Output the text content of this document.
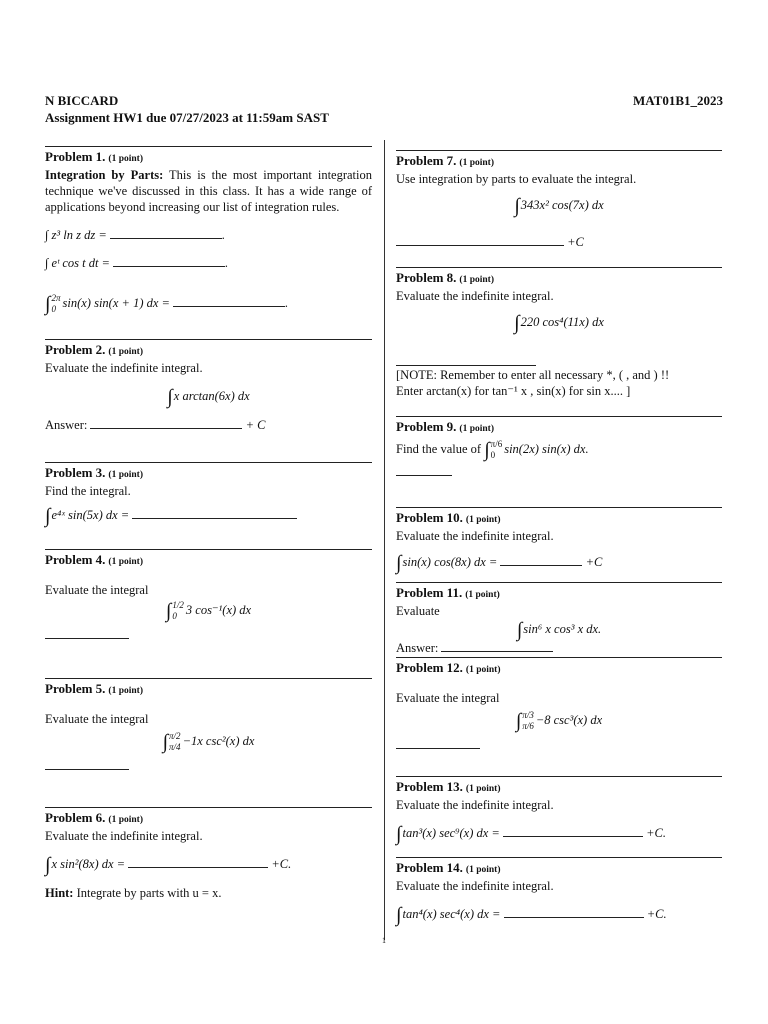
N BICCARD
Assignment HW1 due 07/27/2023 at 11:59am SAST
MAT01B1_2023
Problem 1. (1 point)
Integration by Parts: This is the most important integration technique we've discussed in this class. It has a wide range of applications beyond increasing our list of integration rules.
∫ z³ ln z dz =	.
∫ eᵗ cos t dt =	.
∫2π
0 sin(x) sin(x + 1) dx =	.
Problem 2. (1 point)
Evaluate the indefinite integral.
∫x arctan(6x) dx
Answer:	+ C
Problem 3. (1 point)
Find the integral.
∫e⁴ˣ sin(5x) dx =
Problem 4. (1 point)
Evaluate the integral
∫1/2
0 3 cos⁻¹(x) dx
Problem 5. (1 point)
Evaluate the integral
∫π/2
π/4 −1x csc²(x) dx
Problem 6. (1 point)
Evaluate the indefinite integral.
∫x sin²(8x) dx =	+C.
Hint: Integrate by parts with u = x.
Problem 7. (1 point)
Use integration by parts to evaluate the integral.
∫343x² cos(7x) dx
+C
Problem 8. (1 point)
Evaluate the indefinite integral.
∫220 cos⁴(11x) dx
[NOTE: Remember to enter all necessary *, ( , and ) !!
Enter arctan(x) for tan⁻¹ x , sin(x) for sin x.... ]
Problem 9. (1 point)
Find the value of ∫π/6
0 sin(2x) sin(x) dx.
Problem 10. (1 point)
Evaluate the indefinite integral.
∫sin(x) cos(8x) dx =	+C
Problem 11. (1 point)
Evaluate
∫sin⁶ x cos³ x dx.
Answer:
Problem 12. (1 point)
Evaluate the integral
∫π/3
π/6 −8 csc³(x) dx
Problem 13. (1 point)
Evaluate the indefinite integral.
∫tan³(x) sec⁹(x) dx =	+C.
Problem 14. (1 point)
Evaluate the indefinite integral.
∫tan⁴(x) sec⁴(x) dx =	+C.
1
